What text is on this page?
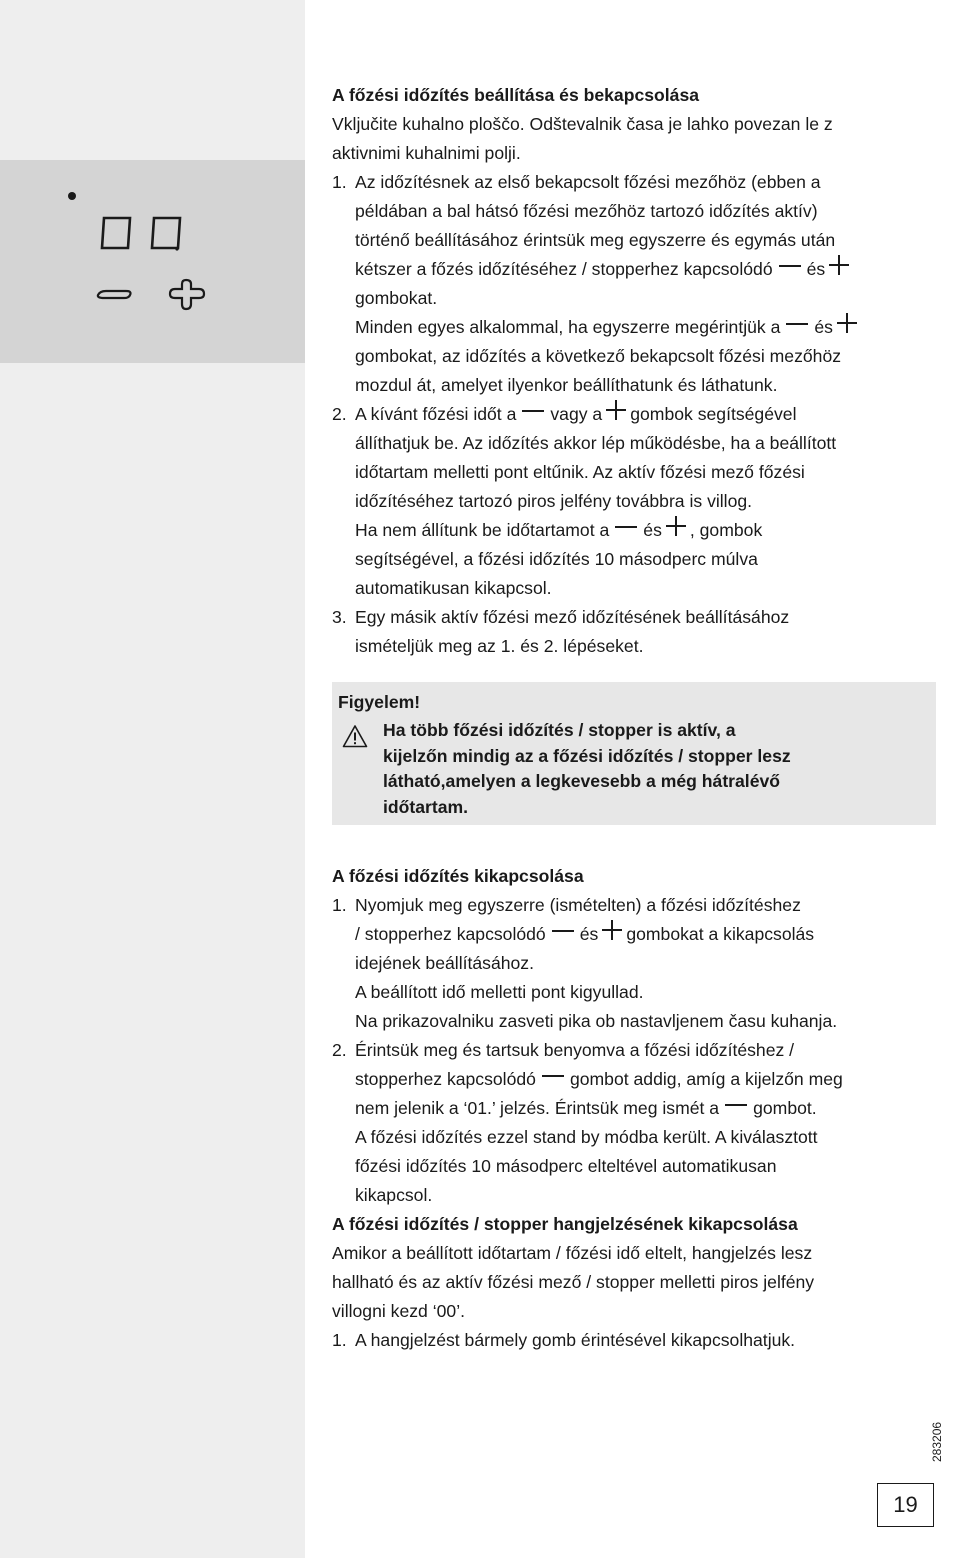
A főzési időzítés beállítása és bekapcsolása

Vključite kuhalno ploščo. Odštevalnik časa je lahko povezan le z

aktivnimi kuhalnimi polji.

1. Az időzítésnek az első bekapcsolt főzési mezőhöz (ebben a

példában a bal hátsó főzési mezőhöz tartozó időzítés aktív)

történő beállításához érintsük meg egyszerre és egymás után

kétszer a főzés időzítéséhez / stopperhez kapcsolódó és

gombokat.

Minden egyes alkalommal, ha egyszerre megérintjük a és

gombokat, az időzítés a következő bekapcsolt főzési mezőhöz

mozdul át, amelyet ilyenkor beállíthatunk és láthatunk.

2. A kívánt főzési időt a vagy a gombok segítségével

állíthatjuk be. Az időzítés akkor lép működésbe, ha a beállított

időtartam melletti pont eltűnik. Az aktív főzési mező főzési

időzítéséhez tartozó piros jelfény továbbra is villog.

Ha nem állítunk be időtartamot a és , gombok

segítségével, a főzési időzítés 10 másodperc múlva

automatikusan kikapcsol.

3. Egy másik aktív főzési mező időzítésének beállításához

ismételjük meg az 1. és 2. lépéseket.

Figyelem!

Ha több főzési időzítés / stopper is aktív, a

kijelzőn mindig az a főzési időzítés / stopper lesz

látható,amelyen a legkevesebb a még hátralévő

időtartam.

A főzési időzítés kikapcsolása

1. Nyomjuk meg egyszerre (ismételten) a főzési időzítéshez

/ stopperhez kapcsolódó és gombokat a kikapcsolás

idejének beállításához.

A beállított idő melletti pont kigyullad.

Na prikazovalniku zasveti pika ob nastavljenem času kuhanja.

2. Érintsük meg és tartsuk benyomva a főzési időzítéshez /

stopperhez kapcsolódó gombot addig, amíg a kijelzőn meg

nem jelenik a ‘01.’ jelzés. Érintsük meg ismét a gombot.

A főzési időzítés ezzel stand by módba került. A kiválasztott

főzési időzítés 10 másodperc elteltével automatikusan

kikapcsol.

A főzési időzítés / stopper hangjelzésének kikapcsolása

Amikor a beállított időtartam / főzési idő eltelt, hangjelzés lesz

hallható és az aktív főzési mező / stopper melletti piros jelfény

villogni kezd ‘00’.

1. A hangjelzést bármely gomb érintésével kikapcsolhatjuk.

283206
19
